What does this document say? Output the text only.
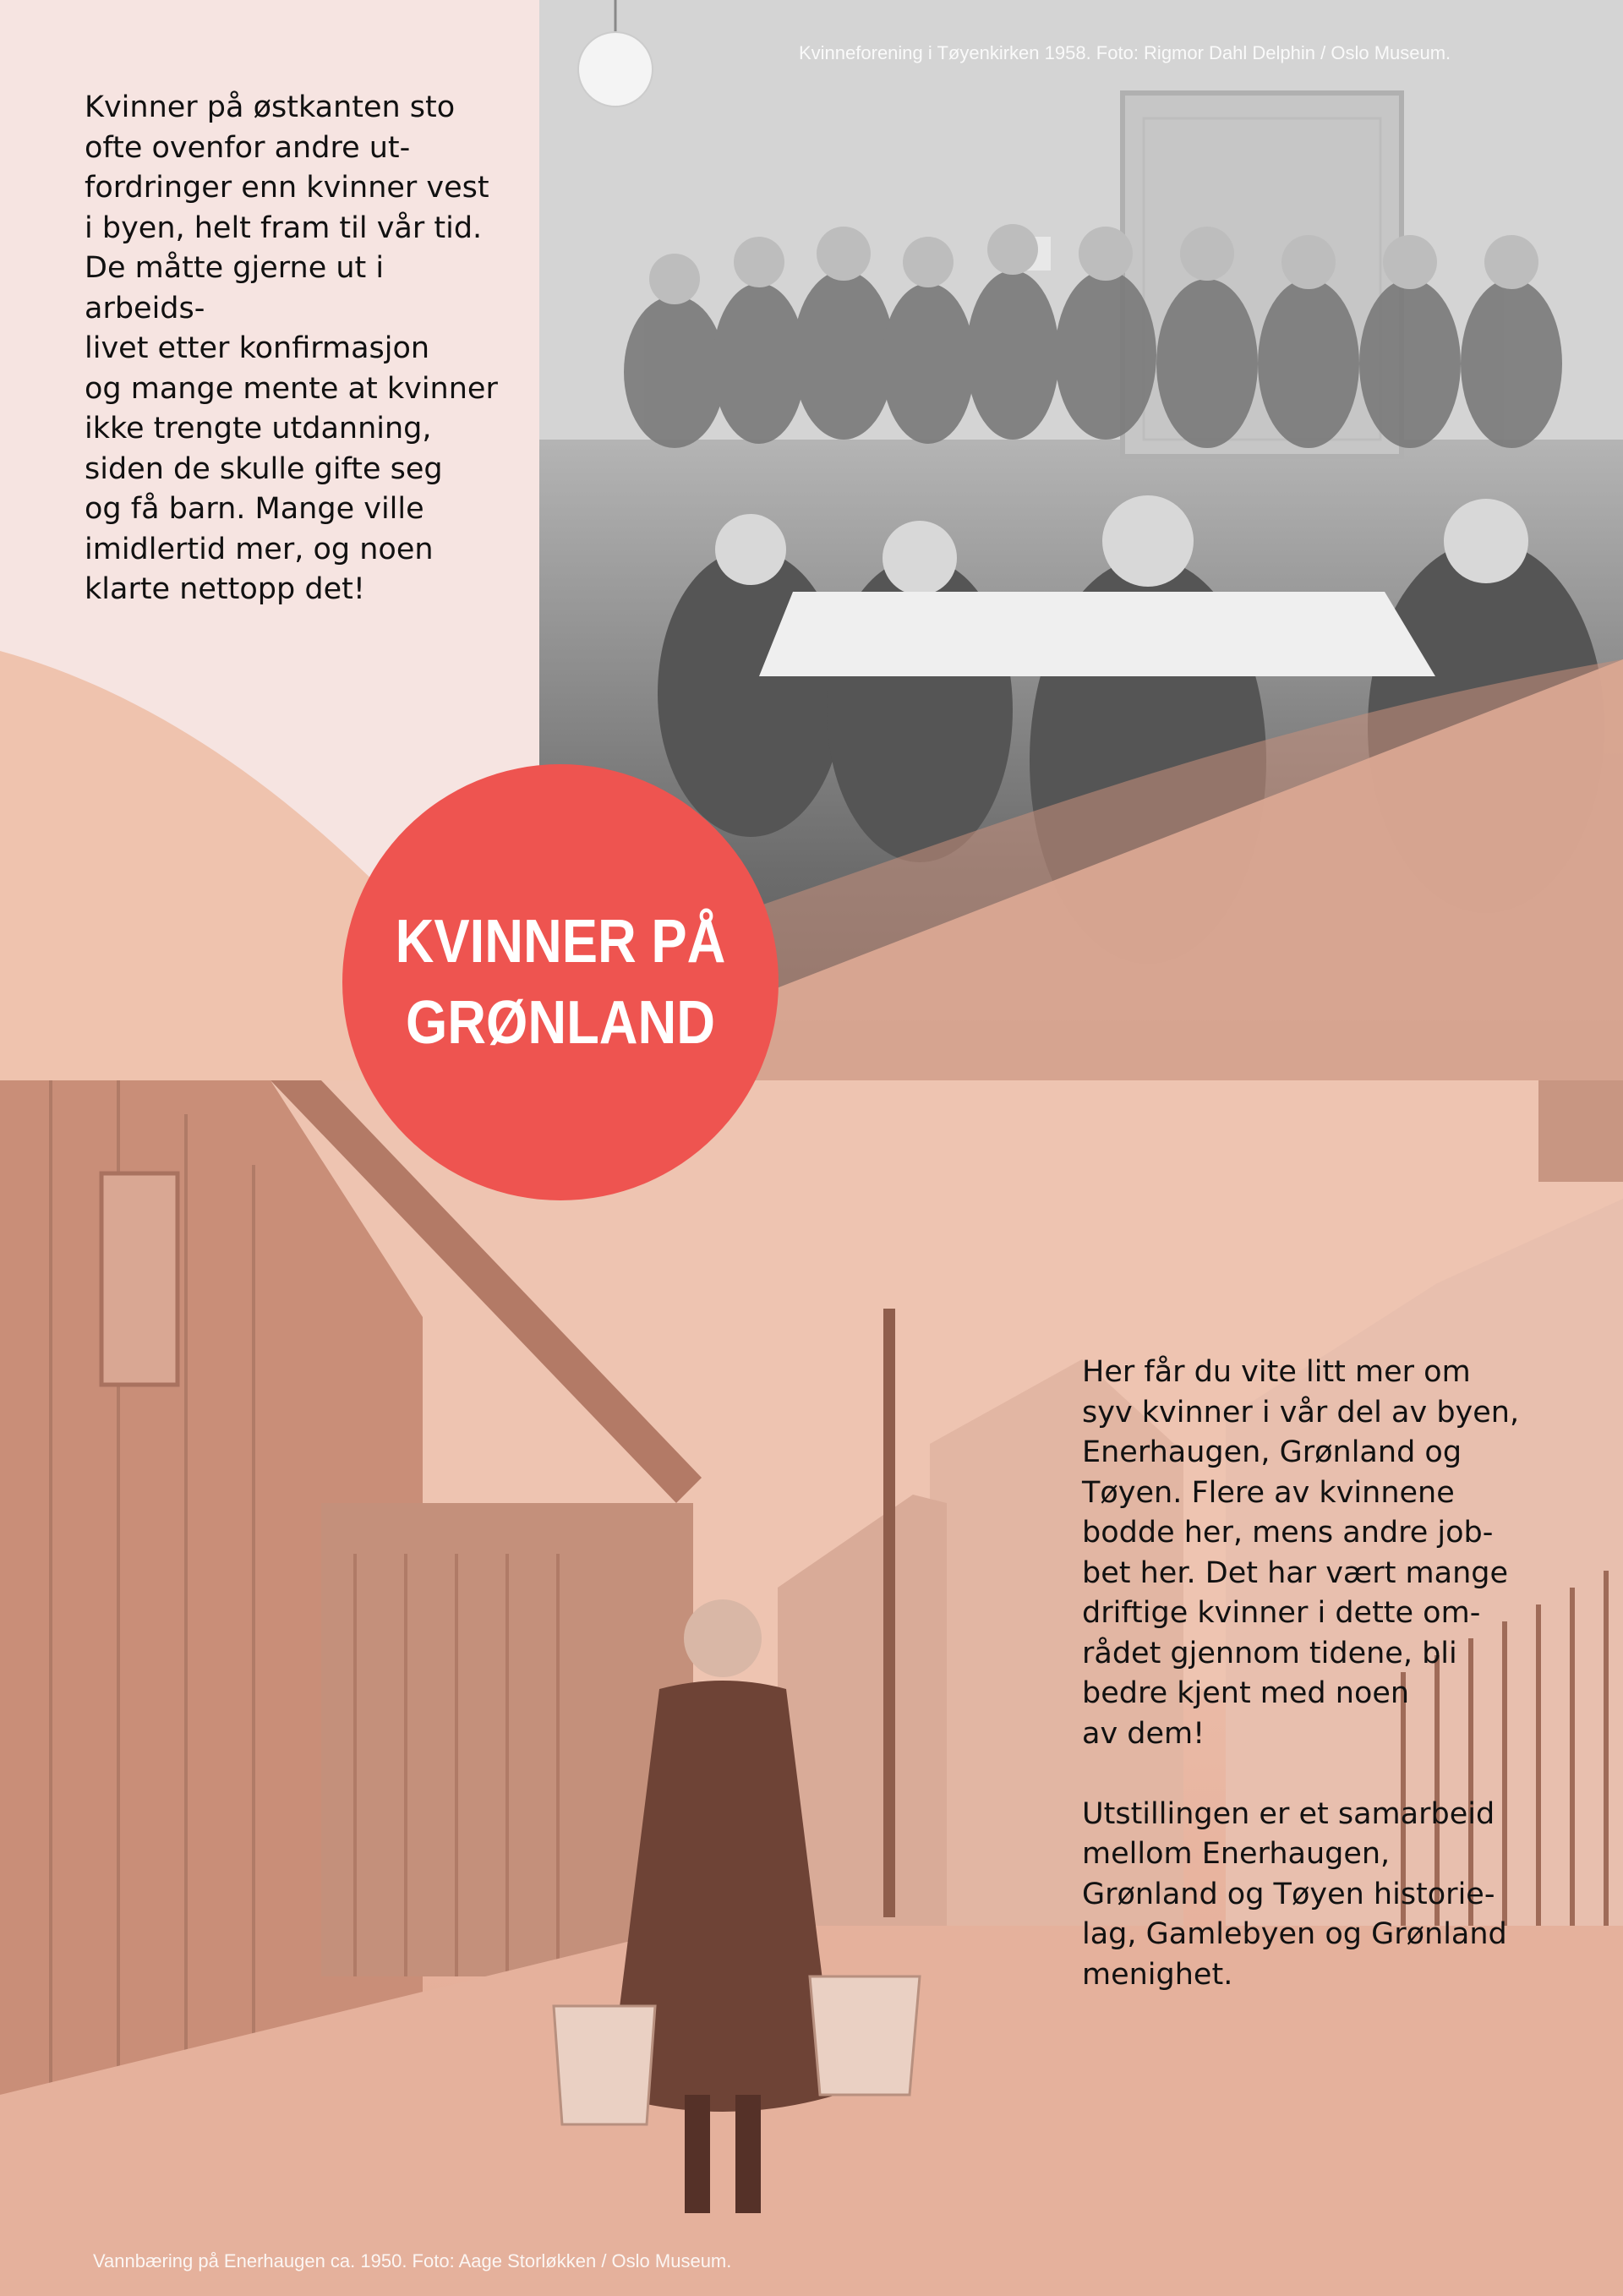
Kvinneforening i Tøyenkirken 1958. Foto: Rigmor Dahl Delphin / Oslo Museum.
Vannbæring på Enerhaugen ca. 1950. Foto: Aage Storløkken / Oslo Museum.
Kvinner på østkanten sto
ofte ovenfor andre ut-
fordringer enn kvinner vest
i byen, helt fram til vår tid.
De måtte gjerne ut i arbeids-
livet etter konfirmasjon
og mange mente at kvinner
ikke trengte utdanning,
siden de skulle gifte seg
og få barn. Mange ville
imidlertid mer, og noen
klarte nettopp det!
Her får du vite litt mer om
syv kvinner i vår del av byen,
Enerhaugen, Grønland og
Tøyen. Flere av kvinnene
bodde her, mens andre job-
bet her. Det har vært mange
driftige kvinner i dette om-
rådet gjennom tidene, bli
bedre kjent med noen
av dem!

Utstillingen er et samarbeid
mellom Enerhaugen,
Grønland og Tøyen historie-
lag, Gamlebyen og Grønland
menighet.
KVINNER PÅ
GRØNLAND
